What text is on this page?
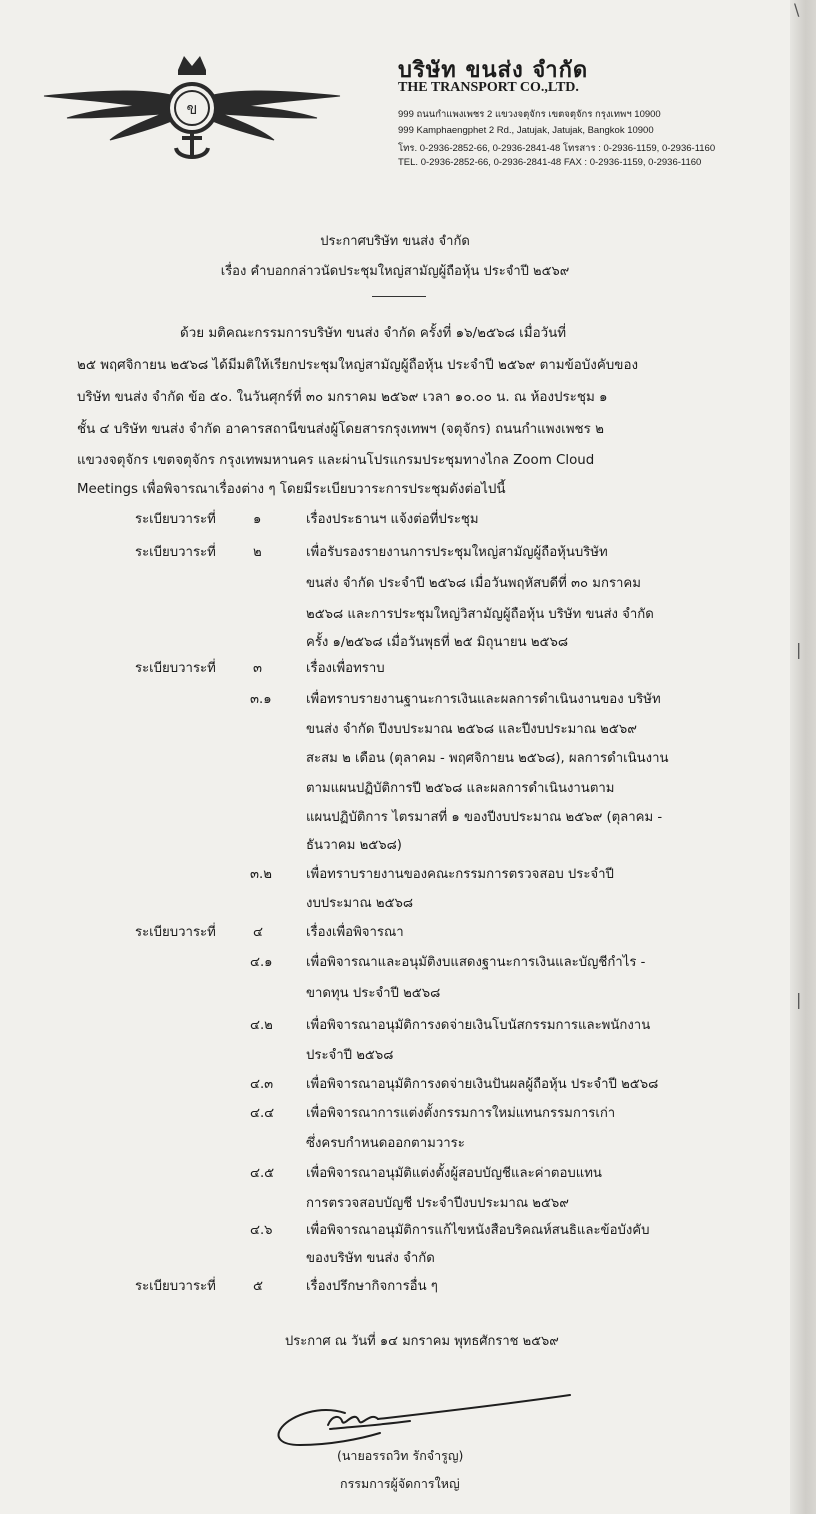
\
|
|
ข
บริษัท ขนส่ง จำกัด
THE TRANSPORT CO.,LTD.
999 ถนนกำแพงเพชร 2 แขวงจตุจักร เขตจตุจักร กรุงเทพฯ 10900
999 Kamphaengphet 2 Rd., Jatujak, Jatujak, Bangkok 10900
โทร. 0-2936-2852-66, 0-2936-2841-48 โทรสาร : 0-2936-1159, 0-2936-1160
TEL. 0-2936-2852-66, 0-2936-2841-48 FAX : 0-2936-1159, 0-2936-1160
ประกาศบริษัท ขนส่ง จำกัด
เรื่อง คำบอกกล่าวนัดประชุมใหญ่สามัญผู้ถือหุ้น ประจำปี ๒๕๖๙
ด้วย มติคณะกรรมการบริษัท ขนส่ง จำกัด ครั้งที่ ๑๖/๒๕๖๘ เมื่อวันที่
๒๕ พฤศจิกายน ๒๕๖๘ ได้มีมติให้เรียกประชุมใหญ่สามัญผู้ถือหุ้น ประจำปี ๒๕๖๙ ตามข้อบังคับของ
บริษัท ขนส่ง จำกัด ข้อ ๕๐. ในวันศุกร์ที่ ๓๐ มกราคม ๒๕๖๙ เวลา ๑๐.๐๐ น. ณ ห้องประชุม ๑
ชั้น ๔ บริษัท ขนส่ง จำกัด อาคารสถานีขนส่งผู้โดยสารกรุงเทพฯ (จตุจักร) ถนนกำแพงเพชร ๒
แขวงจตุจักร เขตจตุจักร กรุงเทพมหานคร และผ่านโปรแกรมประชุมทางไกล Zoom Cloud
Meetings เพื่อพิจารณาเรื่องต่าง ๆ โดยมีระเบียบวาระการประชุมดังต่อไปนี้
ระเบียบวาระที่	๑	เรื่องประธานฯ แจ้งต่อที่ประชุม
ระเบียบวาระที่	๒	เพื่อรับรองรายงานการประชุมใหญ่สามัญผู้ถือหุ้นบริษัท
ขนส่ง จำกัด ประจำปี ๒๕๖๘ เมื่อวันพฤหัสบดีที่ ๓๐ มกราคม
๒๕๖๘ และการประชุมใหญ่วิสามัญผู้ถือหุ้น บริษัท ขนส่ง จำกัด
ครั้ง ๑/๒๕๖๘ เมื่อวันพุธที่ ๒๕ มิถุนายน ๒๕๖๘
ระเบียบวาระที่	๓	เรื่องเพื่อทราบ
๓.๑	เพื่อทราบรายงานฐานะการเงินและผลการดำเนินงานของ บริษัท
ขนส่ง จำกัด ปีงบประมาณ ๒๕๖๘ และปีงบประมาณ ๒๕๖๙
สะสม ๒ เดือน (ตุลาคม - พฤศจิกายน ๒๕๖๘), ผลการดำเนินงาน
ตามแผนปฏิบัติการปี ๒๕๖๘ และผลการดำเนินงานตาม
แผนปฏิบัติการ ไตรมาสที่ ๑ ของปีงบประมาณ ๒๕๖๙ (ตุลาคม -
ธันวาคม ๒๕๖๘)
๓.๒	เพื่อทราบรายงานของคณะกรรมการตรวจสอบ ประจำปี
งบประมาณ ๒๕๖๘
ระเบียบวาระที่	๔	เรื่องเพื่อพิจารณา
๔.๑	เพื่อพิจารณาและอนุมัติงบแสดงฐานะการเงินและบัญชีกำไร -
ขาดทุน ประจำปี ๒๕๖๘
๔.๒	เพื่อพิจารณาอนุมัติการงดจ่ายเงินโบนัสกรรมการและพนักงาน
ประจำปี ๒๕๖๘
๔.๓ เพื่อพิจารณาอนุมัติการงดจ่ายเงินปันผลผู้ถือหุ้น ประจำปี ๒๕๖๘
๔.๔ เพื่อพิจารณาการแต่งตั้งกรรมการใหม่แทนกรรมการเก่า
ซึ่งครบกำหนดออกตามวาระ
๔.๕ เพื่อพิจารณาอนุมัติแต่งตั้งผู้สอบบัญชีและค่าตอบแทน
การตรวจสอบบัญชี ประจำปีงบประมาณ ๒๕๖๙
๔.๖	เพื่อพิจารณาอนุมัติการแก้ไขหนังสือบริคณห์สนธิและข้อบังคับ
ของบริษัท ขนส่ง จำกัด
ระเบียบวาระที่	๕	เรื่องปรึกษากิจการอื่น ๆ
ประกาศ ณ วันที่ ๑๔ มกราคม พุทธศักราช ๒๕๖๙
(นายอรรถวิท รักจำรูญ)
กรรมการผู้จัดการใหญ่
